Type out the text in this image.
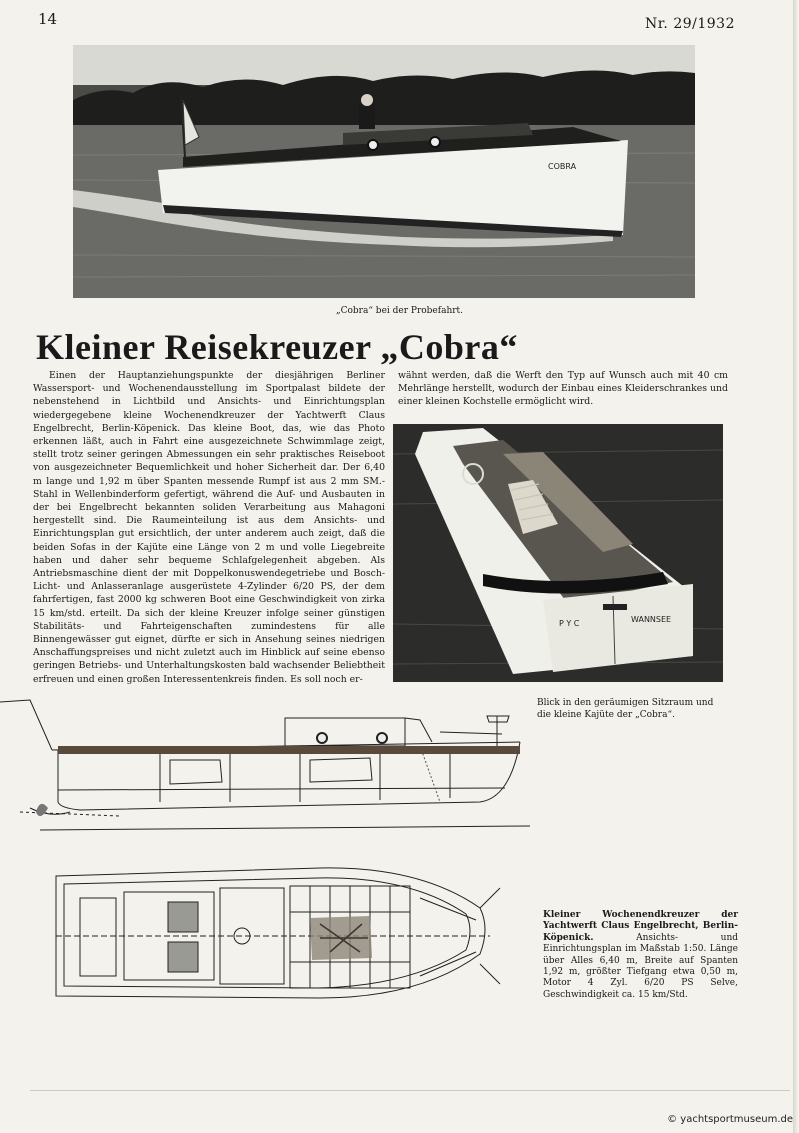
14	Nr. 29/1932
COBRA
„Cobra“ bei der Probefahrt.
Kleiner Reisekreuzer „Cobra“

Einen der Hauptanziehungspunkte der diesjährigen Berliner Wassersport- und Wochenendausstellung im Sportpalast bildete der nebenstehend in Lichtbild und Ansichts- und Einrichtungsplan wiedergegebene kleine Wochenendkreuzer der Yachtwerft Claus Engelbrecht, Berlin-Köpenick. Das kleine Boot, das, wie das Photo erkennen läßt, auch in Fahrt eine ausgezeichnete Schwimmlage zeigt, stellt trotz seiner geringen Abmessungen ein sehr praktisches Reiseboot von ausgezeichneter Bequemlichkeit und hoher Sicherheit dar. Der 6,40 m lange und 1,92 m über Spanten messende Rumpf ist aus 2 mm SM.-Stahl in Wellenbinderform gefertigt, während die Auf- und Ausbauten in der bei Engelbrecht bekannten soliden Verarbeitung aus Mahagoni hergestellt sind. Die Raumeinteilung ist aus dem Ansichts- und Einrichtungsplan gut ersichtlich, der unter anderem auch zeigt, daß die beiden Sofas in der Kajüte eine Länge von 2 m und volle Liegebreite haben und daher sehr bequeme Schlafgelegenheit abgeben. Als Antriebsmaschine dient der mit Doppelkonuswendegetriebe und Bosch-Licht- und Anlasseranlage ausgerüstete 4-Zylinder 6/20 PS, der dem fahrfertigen, fast 2000 kg schweren Boot eine Geschwindigkeit von zirka 15 km/std. erteilt. Da sich der kleine Kreuzer infolge seiner günstigen Stabilitäts- und Fahrteigenschaften zumindestens für alle Binnengewässer gut eignet, dürfte er sich in Ansehung seines niedrigen Anschaffungspreises und nicht zuletzt auch im Hinblick auf seine ebenso geringen Betriebs- und Unterhaltungskosten bald wachsender Beliebtheit erfreuen und einen großen Interessentenkreis finden. Es soll noch er-

wähnt werden, daß die Werft den Typ auf Wunsch auch mit 40 cm Mehrlänge herstellt, wodurch der Einbau eines Kleiderschrankes und einer kleinen Kochstelle ermöglicht wird.

P Y C	WANNSEE
Blick in den geräumigen Sitzraum und die kleine Kajüte der „Cobra“.
Kleiner Wochenendkreuzer der Yachtwerft Claus Engelbrecht, Berlin-Köpenick.	Ansichts- und Einrichtungsplan im Maßstab 1:50. Länge über Alles 6,40 m, Breite auf Spanten 1,92 m, größter Tiefgang etwa 0,50 m, Motor 4 Zyl. 6/20 PS Selve, Geschwindigkeit ca. 15 km/Std.
© yachtsportmuseum.de
